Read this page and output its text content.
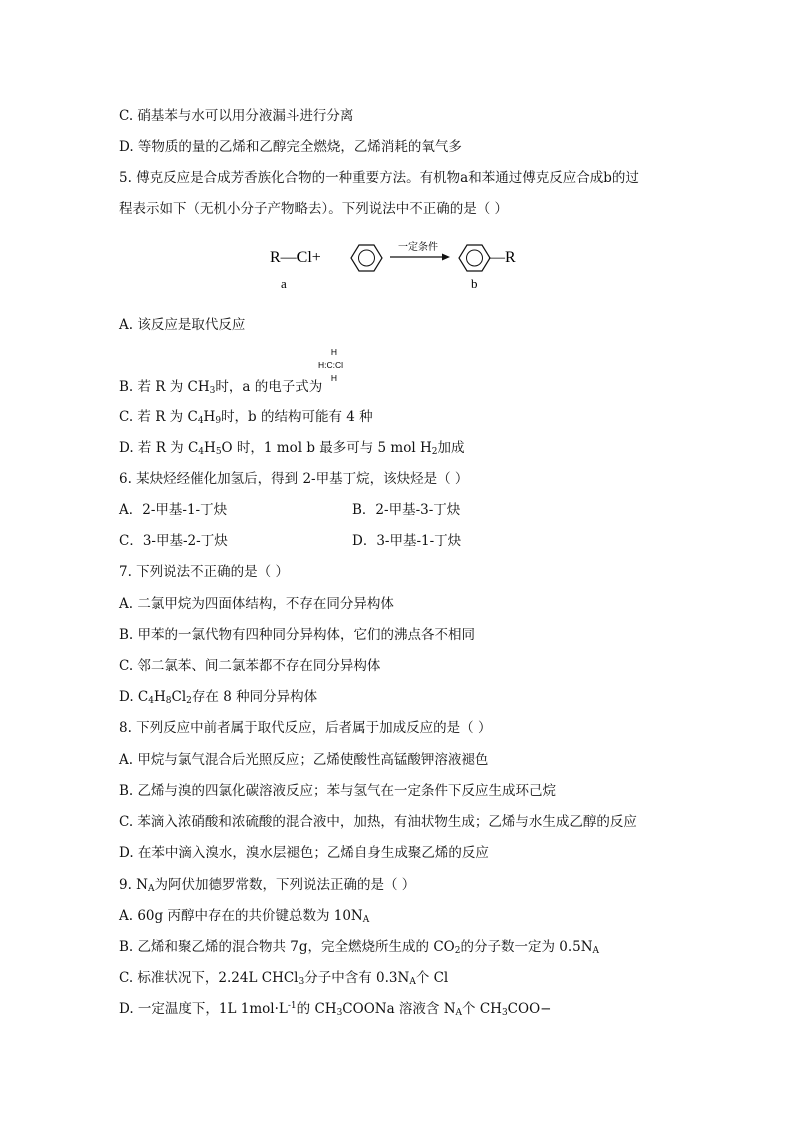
C. 硝基苯与水可以用分液漏斗进行分离
D. 等物质的量的乙烯和乙醇完全燃烧，乙烯消耗的氧气多
5. 傅克反应是合成芳香族化合物的一种重要方法。有机物a和苯通过傅克反应合成b的过
程表示如下（无机小分子产物略去）。下列说法中不正确的是（ ）
R—Cl+
一定条件
—R
a	b
A. 该反应是取代反应
B. 若 R 为 $CH_3$时，a 的电子式为
H
H:C:Cl
H
C. 若 R 为 $C_4H_9$时，b 的结构可能有 4 种
D. 若 R 为 $C_4H_5O$ 时，1 mol b 最多可与 5 mol $H_2$加成
6. 某炔烃经催化加氢后，得到 2-甲基丁烷，该炔烃是（ ）
A．2-甲基-1-丁炔	B．2-甲基-3-丁炔
C．3-甲基-2-丁炔	D．3-甲基-1-丁炔
7. 下列说法不正确的是（ ）
A. 二氯甲烷为四面体结构，不存在同分异构体
B. 甲苯的一氯代物有四种同分异构体，它们的沸点各不相同
C. 邻二氯苯、间二氯苯都不存在同分异构体
D. $C_4H_8Cl_2$存在 8 种同分异构体
8. 下列反应中前者属于取代反应，后者属于加成反应的是（ ）
A. 甲烷与氯气混合后光照反应；乙烯使酸性高锰酸钾溶液褪色
B. 乙烯与溴的四氯化碳溶液反应；苯与氢气在一定条件下反应生成环己烷
C. 苯滴入浓硝酸和浓硫酸的混合液中，加热，有油状物生成；乙烯与水生成乙醇的反应
D. 在苯中滴入溴水，溴水层褪色；乙烯自身生成聚乙烯的反应
9. $N_A$为阿伏加德罗常数，下列说法正确的是（ ）
A. 60g 丙醇中存在的共价键总数为 $10N_A$
B. 乙烯和聚乙烯的混合物共 7g，完全燃烧所生成的 $CO_2$的分子数一定为 $0.5N_A$
C. 标准状况下，2.24L CHCl$_3$分子中含有 $0.3N_A$个 Cl
D. 一定温度下，1L $1mol\cdot L^{-1}$的 $CH_3COONa$ 溶液含 $N_A$个 $CH_3COO-$
